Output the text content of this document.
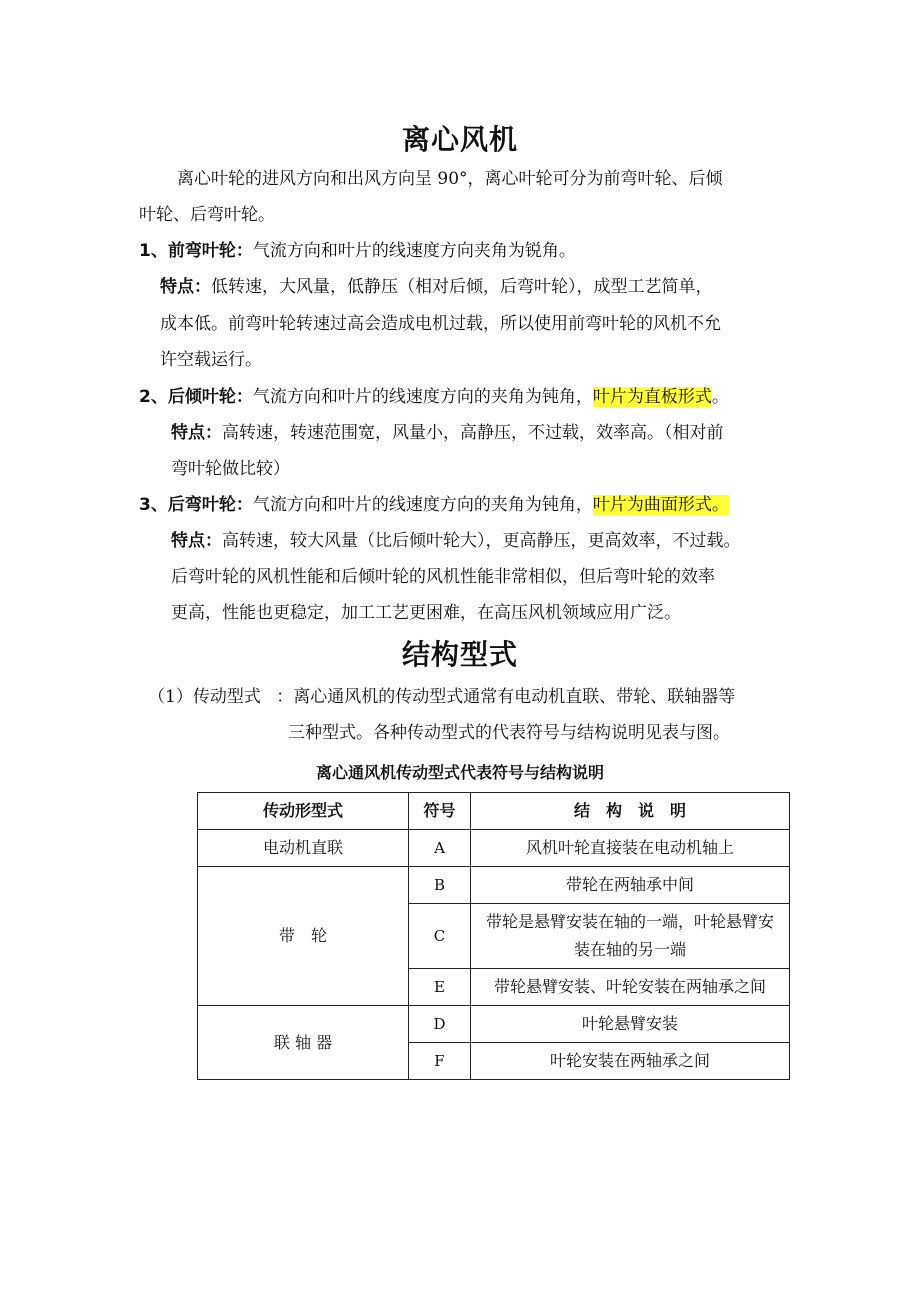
离心风机
离心叶轮的进风方向和出风方向呈 90°，离心叶轮可分为前弯叶轮、后倾
叶轮、后弯叶轮。
1、前弯叶轮：气流方向和叶片的线速度方向夹角为锐角。
特点：低转速，大风量，低静压（相对后倾，后弯叶轮），成型工艺简单，
成本低。前弯叶轮转速过高会造成电机过载，所以使用前弯叶轮的风机不允
许空载运行。
2、后倾叶轮：气流方向和叶片的线速度方向的夹角为钝角，叶片为直板形式。
特点：高转速，转速范围宽，风量小，高静压，不过载，效率高。（相对前
弯叶轮做比较）
3、后弯叶轮：气流方向和叶片的线速度方向的夹角为钝角，叶片为曲面形式。
特点：高转速，较大风量（比后倾叶轮大），更高静压，更高效率，不过载。
后弯叶轮的风机性能和后倾叶轮的风机性能非常相似，但后弯叶轮的效率
更高，性能也更稳定，加工工艺更困难，在高压风机领域应用广泛。
结构型式
（1）传动型式 ：离心通风机的传动型式通常有电动机直联、带轮、联轴器等
三种型式。各种传动型式的代表符号与结构说明见表与图。
离心通风机传动型式代表符号与结构说明
传动形型式	符号	结　构　说　明
电动机直联	A	风机叶轮直接装在电动机轴上
带　轮	B	带轮在两轴承中间
	C	带轮是悬臂安装在轴的一端，叶轮悬臂安装在轴的另一端
	E	带轮悬臂安装、叶轮安装在两轴承之间
联 轴 器	D	叶轮悬臂安装
	F	叶轮安装在两轴承之间
